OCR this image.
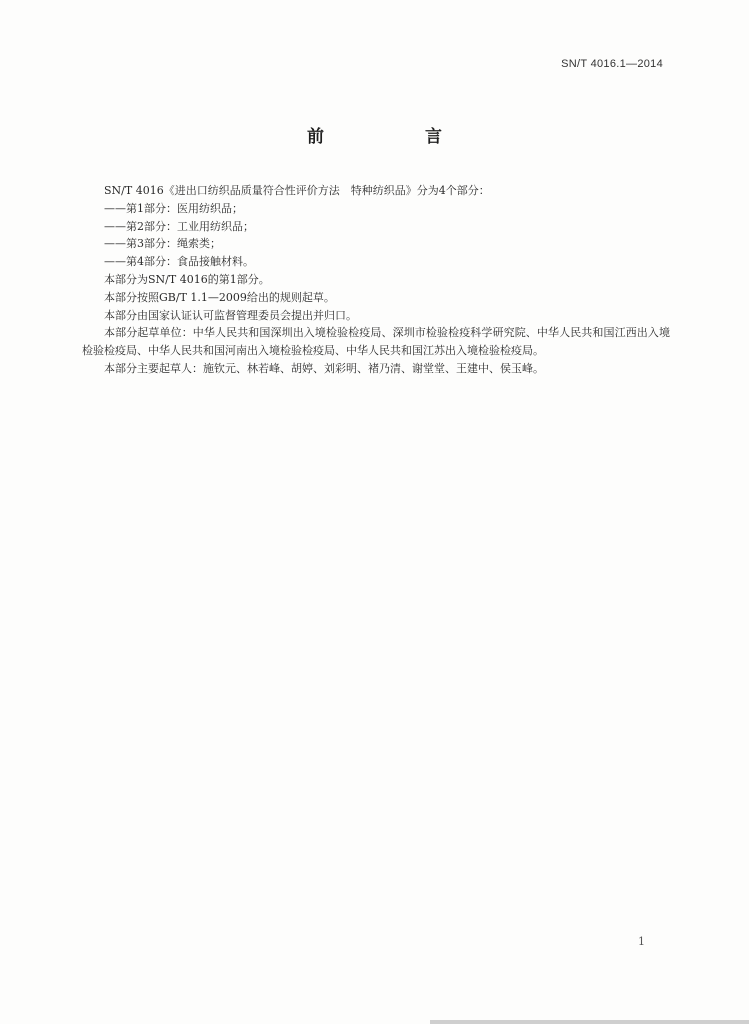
SN/T 4016.1—2014
前　言

SN/T 4016《进出口纺织品质量符合性评价方法　特种纺织品》分为4个部分：

——第1部分：医用纺织品；

——第2部分：工业用纺织品；

——第3部分：绳索类；

——第4部分：食品接触材料。

本部分为SN/T 4016的第1部分。

本部分按照GB/T 1.1—2009给出的规则起草。

本部分由国家认证认可监督管理委员会提出并归口。

本部分起草单位：中华人民共和国深圳出入境检验检疫局、深圳市检验检疫科学研究院、中华人民共和国江西出入境检验检疫局、中华人民共和国河南出入境检验检疫局、中华人民共和国江苏出入境检验检疫局。

本部分主要起草人：施钦元、林若峰、胡婷、刘彩明、褚乃清、谢堂堂、王建中、侯玉峰。

1
